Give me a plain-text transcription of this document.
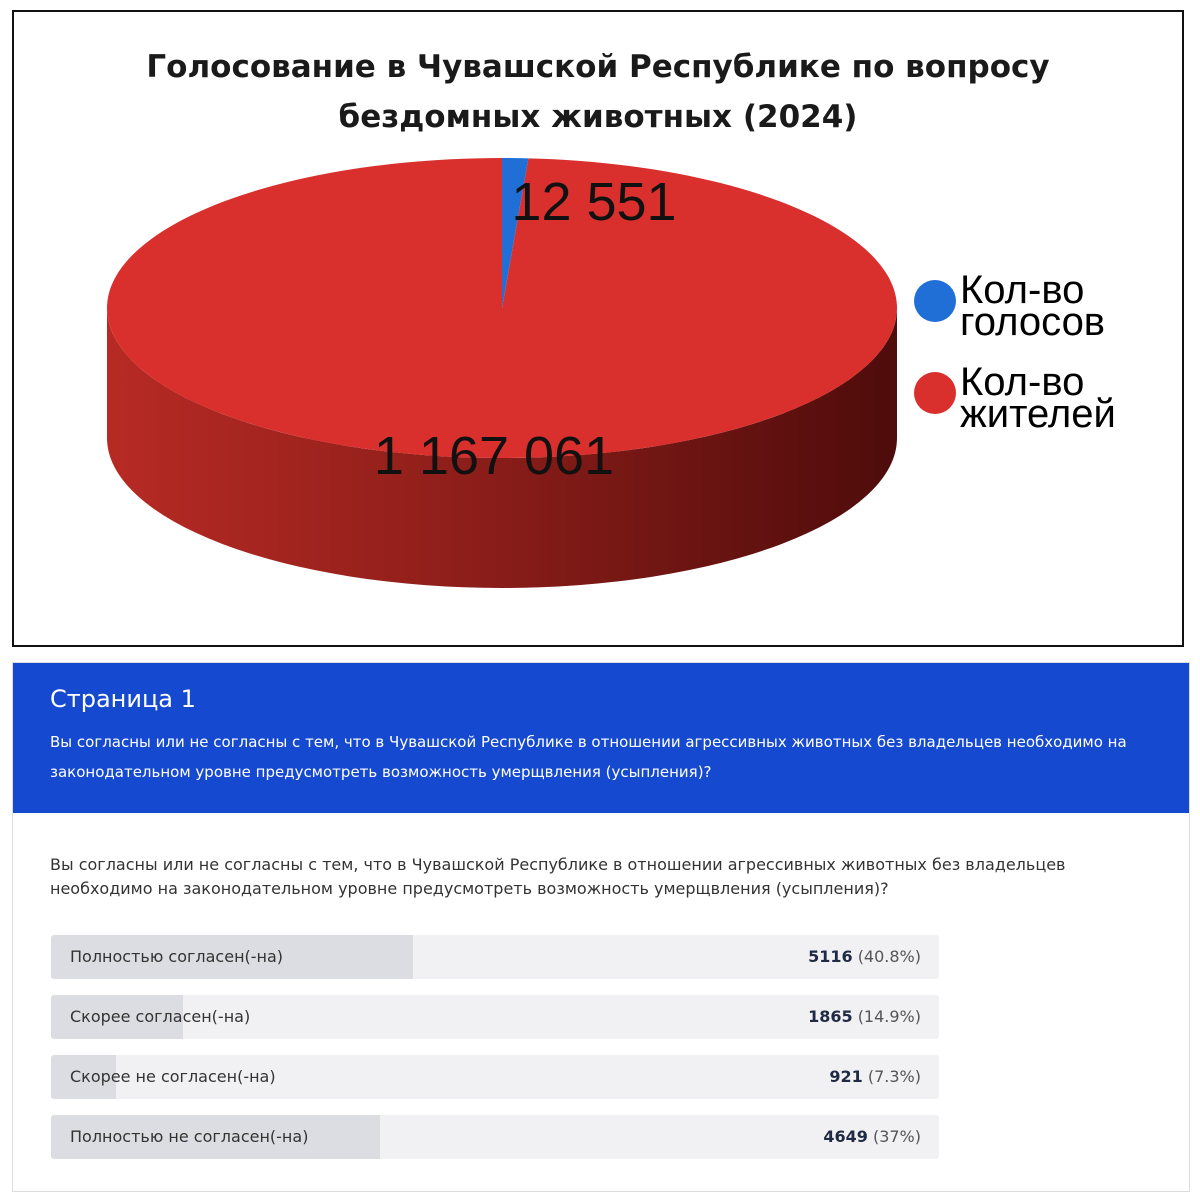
Голосование в Чувашской Республике по вопросу
бездомных животных (2024)
12 551
1 167 061
Кол-во голосов
Кол-во жителей
Страница 1

Вы согласны или не согласны с тем, что в Чувашской Республике в отношении агрессивных животных без владельцев необходимо на законодательном уровне предусмотреть возможность умерщвления (усыпления)?

Вы согласны или не согласны с тем, что в Чувашской Республике в отношении агрессивных животных без владельцев необходимо на законодательном уровне предусмотреть возможность умерщвления (усыпления)?

Полностью согласен(-на)	5116 (40.8%)
Скорее согласен(-на)	1865 (14.9%)
Скорее не согласен(-на)	921 (7.3%)
Полностью не согласен(-на)	4649 (37%)
